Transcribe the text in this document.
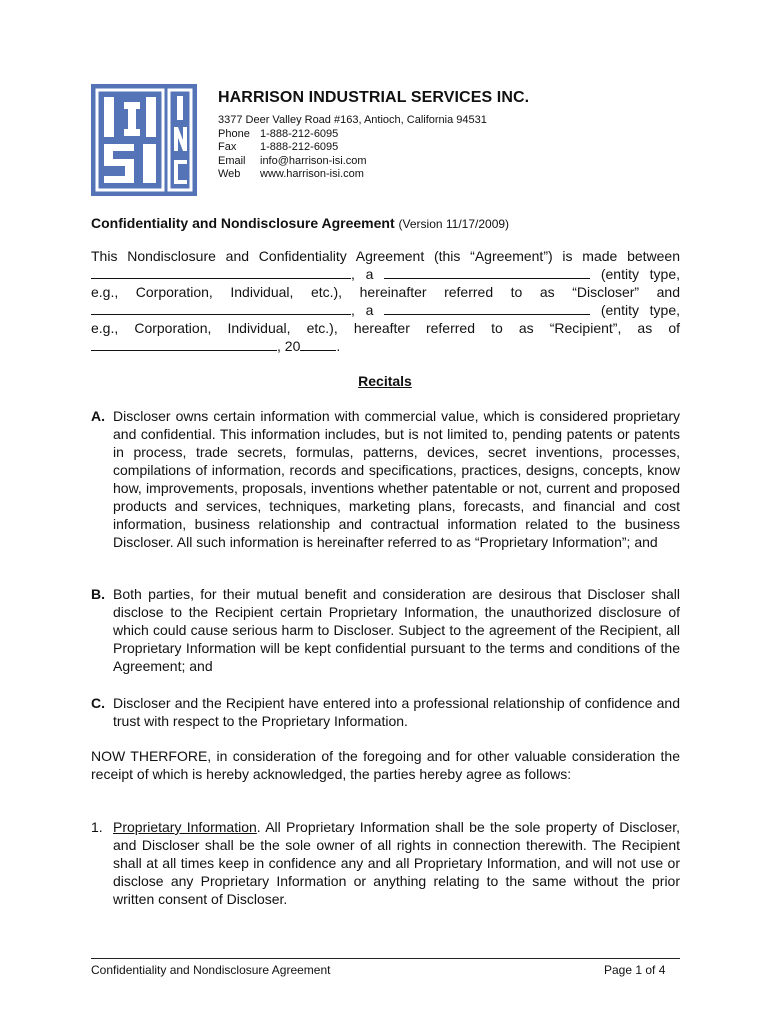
HARRISON INDUSTRIAL SERVICES INC.
3377 Deer Valley Road #163, Antioch, California 94531
Phone 1-888-212-6095
Fax	1-888-212-6095
Email	info@harrison-isi.com
Web	www.harrison-isi.com
Confidentiality and Nondisclosure Agreement (Version 11/17/2009)
This Nondisclosure and Confidentiality Agreement (this “Agreement”) is made between , a	(entity type, e.g., Corporation, Individual, etc.), hereinafter referred to as “Discloser” and , a	(entity type, e.g., Corporation, Individual, etc.), hereafter referred to as “Recipient”, as of , 20	.
Recitals
A. Discloser owns certain information with commercial value, which is considered proprietary and confidential. This information includes, but is not limited to, pending patents or patents in process, trade secrets, formulas, patterns, devices, secret inventions, processes, compilations of information, records and specifications, practices, designs, concepts, know how, improvements, proposals, inventions whether patentable or not, current and proposed products and services, techniques, marketing plans, forecasts, and financial and cost information, business relationship and contractual information related to the business Discloser. All such information is hereinafter referred to as “Proprietary Information”; and
B. Both parties, for their mutual benefit and consideration are desirous that Discloser shall disclose to the Recipient certain Proprietary Information, the unauthorized disclosure of which could cause serious harm to Discloser. Subject to the agreement of the Recipient, all Proprietary Information will be kept confidential pursuant to the terms and conditions of the Agreement; and
C. Discloser and the Recipient have entered into a professional relationship of confidence and trust with respect to the Proprietary Information.
NOW THERFORE, in consideration of the foregoing and for other valuable consideration the receipt of which is hereby acknowledged, the parties hereby agree as follows:
1. Proprietary Information. All Proprietary Information shall be the sole property of Discloser, and Discloser shall be the sole owner of all rights in connection therewith. The Recipient shall at all times keep in confidence any and all Proprietary Information, and will not use or disclose any Proprietary Information or anything relating to the same without the prior written consent of Discloser.
Confidentiality and Nondisclosure Agreement	Page 1 of 4
